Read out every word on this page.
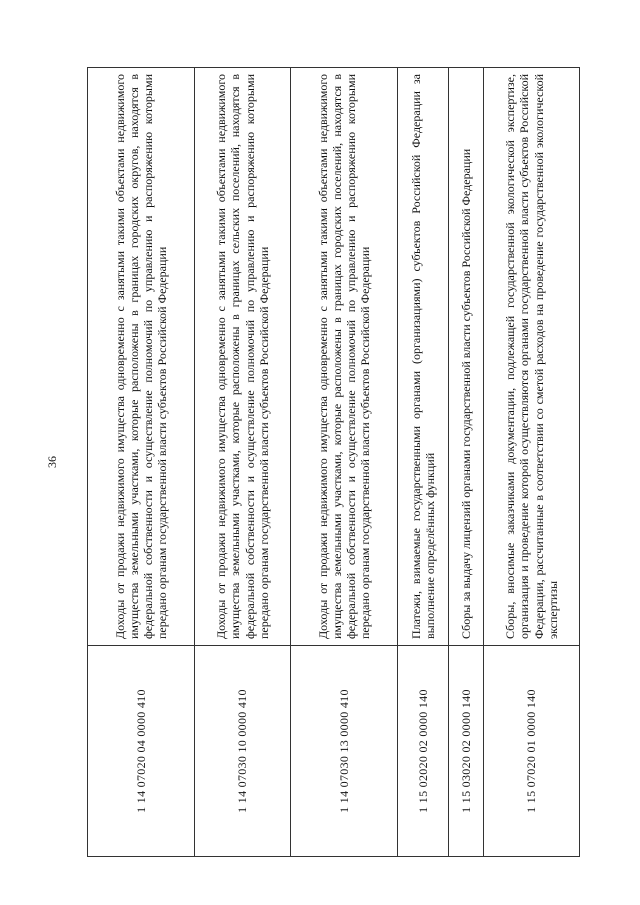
36
1 14 07020 04 0000 410	Доходы от продажи недвижимого имущества одновременно с занятыми такими объектами недвижимого имущества земельными участками, которые расположены в границах городских округов, находятся в федеральной собственности и осуществление полномочий по управлению и распоряжению которыми передано органам государственной власти субъектов Российской Федерации
1 14 07030 10 0000 410	Доходы от продажи недвижимого имущества одновременно с занятыми такими объектами недвижимого имущества земельными участками, которые расположены в границах сельских поселений, находятся в федеральной собственности и осуществление полномочий по управлению и распоряжению которыми передано органам государственной власти субъектов Российской Федерации
1 14 07030 13 0000 410	Доходы от продажи недвижимого имущества одновременно с занятыми такими объектами недвижимого имущества земельными участками, которые расположены в границах городских поселений, находятся в федеральной собственности и осуществление полномочий по управлению и распоряжению которыми передано органам государственной власти субъектов Российской Федерации
1 15 02020 02 0000 140	Платежи, взимаемые государственными органами (организациями) субъектов Российской Федерации за выполнение определённых функций
1 15 03020 02 0000 140	Сборы за выдачу лицензий органами государственной власти субъектов Российской Федерации
1 15 07020 01 0000 140	Сборы, вносимые заказчиками документации, подлежащей государственной экологической экспертизе, организация и проведение которой осуществляются органами государственной власти субъектов Российской Федерации, рассчитанные в соответствии со сметой расходов на проведение государственной экологической экспертизы
